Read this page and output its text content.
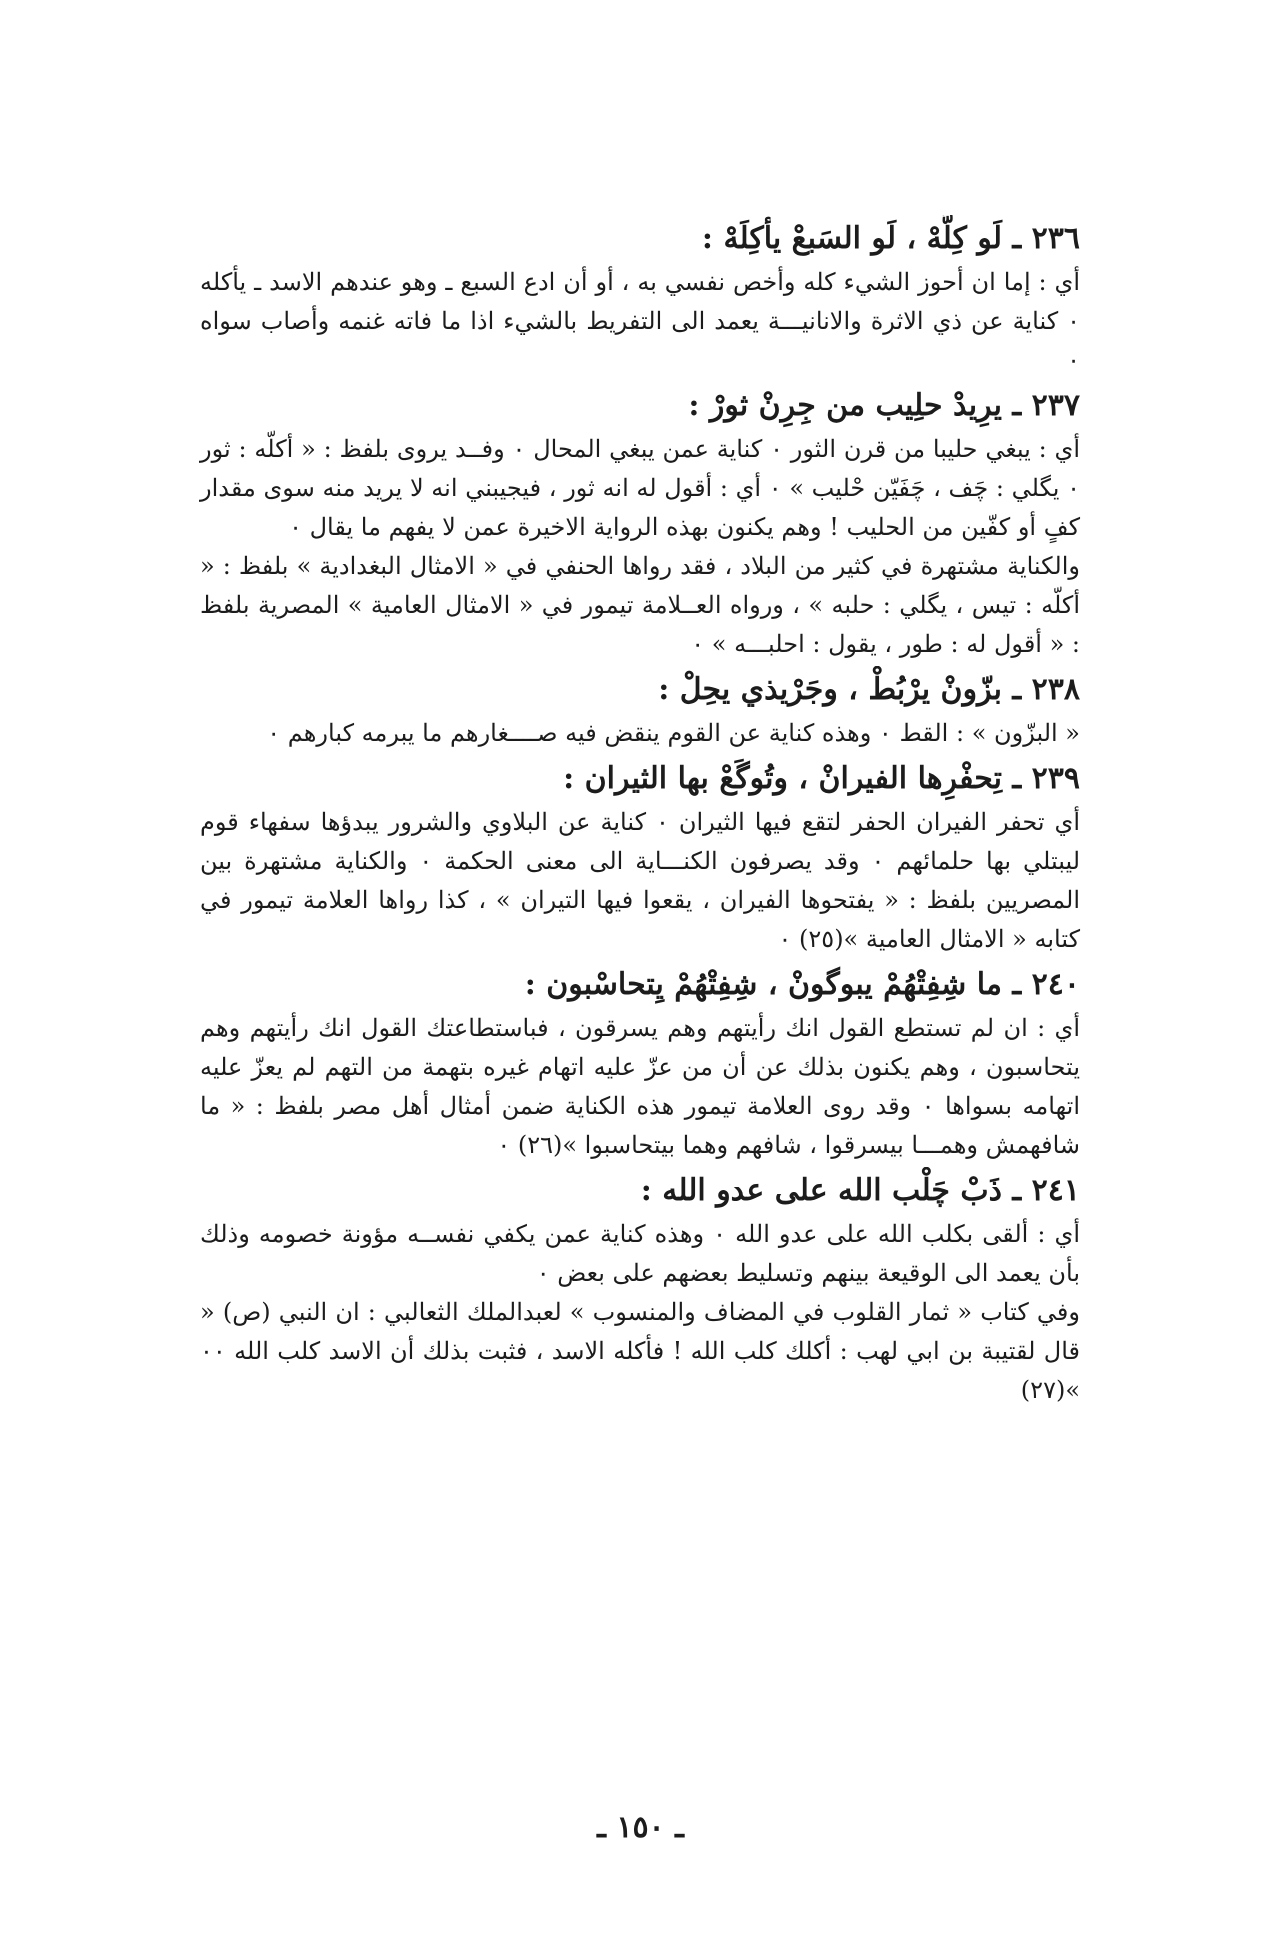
٢٣٦ ـ لَو كِلَّهْ ، لَو السَبعْ يأكِلَهْ :

أي : إما ان أحوز الشيء كله وأخص نفسي به ، أو أن ادع السبع ـ وهو عندهم الاسد ـ يأكله ٠ كناية عن ذي الاثرة والانانيـــة يعمد الى التفريط بالشيء اذا ما فاته غنمه وأصاب سواه ٠

٢٣٧ ـ يرِيدْ حلِيب من جِرِنْ ثورْ :

أي : يبغي حليبا من قرن الثور ٠ كناية عمن يبغي المحال ٠ وفــد يروى بلفظ : « أكلّه : ثور ٠ يگلي : چَف ، چَفَيّن حْليب » ٠ أي : أقول له انه ثور ، فيجيبني انه لا يريد منه سوى مقدار كفٍ أو كفّين من الحليب ! وهم يكنون بهذه الرواية الاخيرة عمن لا يفهم ما يقال ٠

والكناية مشتهرة في كثير من البلاد ، فقد رواها الحنفي في « الامثال البغدادية » بلفظ : « أكلّه : تيس ، يگلي : حلبه » ، ورواه العــلامة تيمور في « الامثال العامية » المصرية بلفظ : « أقول له : طور ، يقول : احلبـــه » ٠

٢٣٨ ـ بزّونْ يرْبُطْ ، وجَرْيذي يحِلْ :

« البزّون » : القط ٠ وهذه كناية عن القوم ينقض فيه صــــغارهم ما يبرمه كبارهم ٠

٢٣٩ ـ تِحفْرِها الفيرانْ ، وتُوگَعْ بها الثيران :

أي تحفر الفيران الحفر لتقع فيها الثيران ٠ كناية عن البلاوي والشرور يبدؤها سفهاء قوم ليبتلي بها حلمائهم ٠ وقد يصرفون الكنـــاية الى معنى الحكمة ٠ والكناية مشتهرة بين المصريين بلفظ : « يفتحوها الفيران ، يقعوا فيها التيران » ، كذا رواها العلامة تيمور في كتابه « الامثال العامية »(٢٥) ٠

٢٤٠ ـ ما شِفِتْهُمْ يبوگونْ ، شِفِتْهُمْ يِتحاسْبون :

أي : ان لم تستطع القول انك رأيتهم وهم يسرقون ، فباستطاعتك القول انك رأيتهم وهم يتحاسبون ، وهم يكنون بذلك عن أن من عزّ عليه اتهام غيره بتهمة من التهم لم يعزّ عليه اتهامه بسواها ٠ وقد روى العلامة تيمور هذه الكناية ضمن أمثال أهل مصر بلفظ : « ما شافهمش وهمـــا بيسرقوا ، شافهم وهما بيتحاسبوا »(٢٦) ٠

٢٤١ ـ ذَبْ چَلْب الله على عدو الله :

أي : ألقى بكلب الله على عدو الله ٠ وهذه كناية عمن يكفي نفســه مؤونة خصومه وذلك بأن يعمد الى الوقيعة بينهم وتسليط بعضهم على بعض ٠

وفي كتاب « ثمار القلوب في المضاف والمنسوب » لعبدالملك الثعالبي : ان النبي (ص) « قال لقتيبة بن ابي لهب : أكلك كلب الله ! فأكله الاسد ، فثبت بذلك أن الاسد كلب الله ٠٠ »(٢٧)

ـ ١٥٠ ـ
